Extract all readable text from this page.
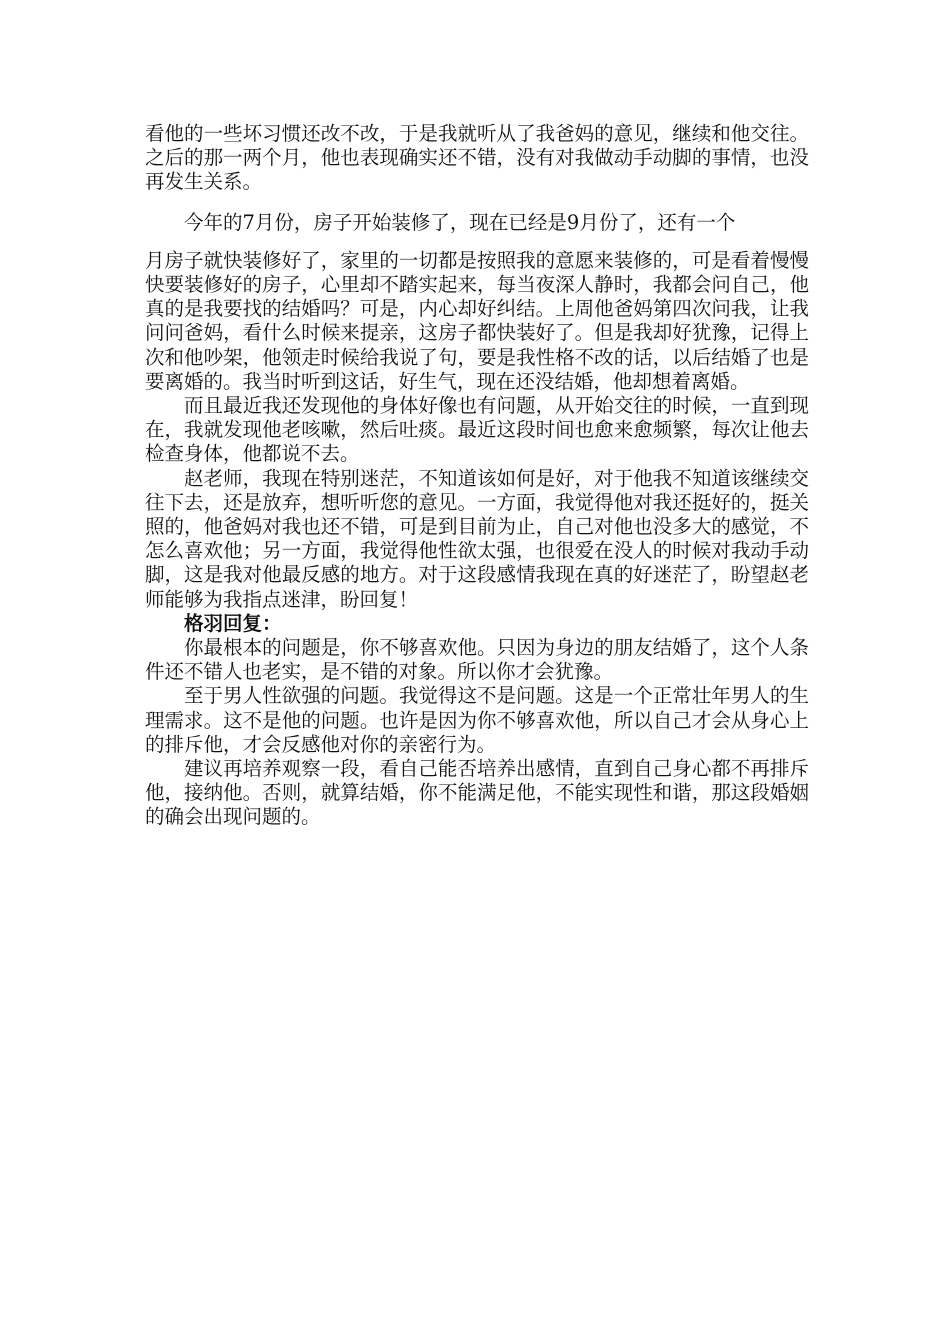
看他的一些坏习惯还改不改，于是我就听从了我爸妈的意见，继续和他交往。之后的那一两个月，他也表现确实还不错，没有对我做动手动脚的事情，也没再发生关系。

今年的7月份，房子开始装修了，现在已经是9月份了，还有一个

月房子就快装修好了，家里的一切都是按照我的意愿来装修的，可是看着慢慢快要装修好的房子，心里却不踏实起来，每当夜深人静时，我都会问自己，他真的是我要找的结婚吗？可是，内心却好纠结。上周他爸妈第四次问我，让我问问爸妈，看什么时候来提亲，这房子都快装好了。但是我却好犹豫，记得上次和他吵架，他领走时候给我说了句，要是我性格不改的话，以后结婚了也是要离婚的。我当时听到这话，好生气，现在还没结婚，他却想着离婚。

而且最近我还发现他的身体好像也有问题，从开始交往的时候，一直到现在，我就发现他老咳嗽，然后吐痰。最近这段时间也愈来愈频繁，每次让他去检查身体，他都说不去。

赵老师，我现在特别迷茫，不知道该如何是好，对于他我不知道该继续交往下去，还是放弃，想听听您的意见。一方面，我觉得他对我还挺好的，挺关照的，他爸妈对我也还不错，可是到目前为止，自己对他也没多大的感觉，不怎么喜欢他；另一方面，我觉得他性欲太强，也很爱在没人的时候对我动手动脚，这是我对他最反感的地方。对于这段感情我现在真的好迷茫了，盼望赵老师能够为我指点迷津，盼回复！

格羽回复：

你最根本的问题是，你不够喜欢他。只因为身边的朋友结婚了，这个人条件还不错人也老实，是不错的对象。所以你才会犹豫。

至于男人性欲强的问题。我觉得这不是问题。这是一个正常壮年男人的生理需求。这不是他的问题。也许是因为你不够喜欢他，所以自己才会从身心上的排斥他，才会反感他对你的亲密行为。

建议再培养观察一段，看自己能否培养出感情，直到自己身心都不再排斥他，接纳他。否则，就算结婚，你不能满足他，不能实现性和谐，那这段婚姻的确会出现问题的。
